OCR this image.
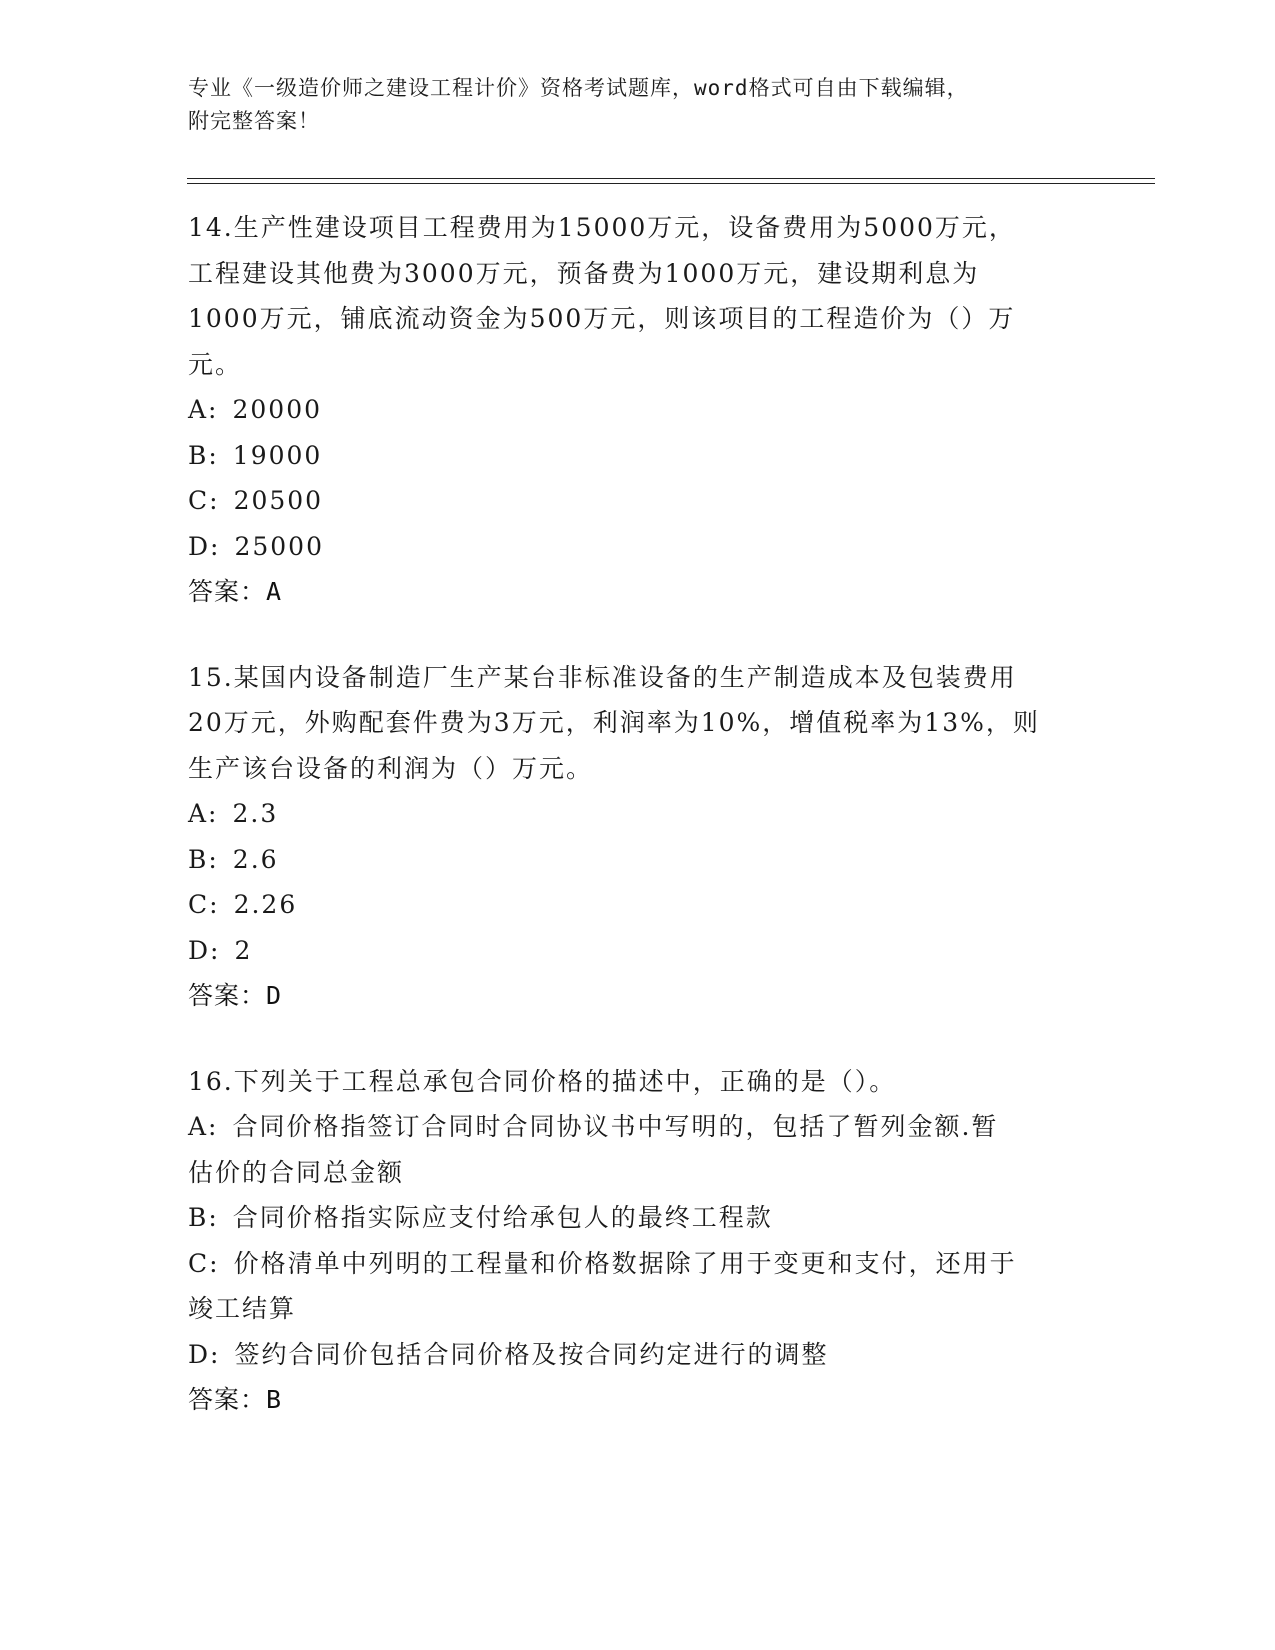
专业《一级造价师之建设工程计价》资格考试题库，word格式可自由下载编辑，
附完整答案！
14.生产性建设项目工程费用为15000万元，设备费用为5000万元，
工程建设其他费为3000万元，预备费为1000万元，建设期利息为
1000万元，铺底流动资金为500万元，则该项目的工程造价为（）万
元。
A: 20000
B: 19000
C: 20500
D: 25000
答案：A
15.某国内设备制造厂生产某台非标准设备的生产制造成本及包装费用
20万元，外购配套件费为3万元，利润率为10%，增值税率为13%，则
生产该台设备的利润为（）万元。
A: 2.3
B: 2.6
C: 2.26
D: 2
答案：D
16.下列关于工程总承包合同价格的描述中，正确的是（）。
A: 合同价格指签订合同时合同协议书中写明的，包括了暂列金额.暂
估价的合同总金额
B: 合同价格指实际应支付给承包人的最终工程款
C: 价格清单中列明的工程量和价格数据除了用于变更和支付，还用于
竣工结算
D: 签约合同价包括合同价格及按合同约定进行的调整
答案：B
